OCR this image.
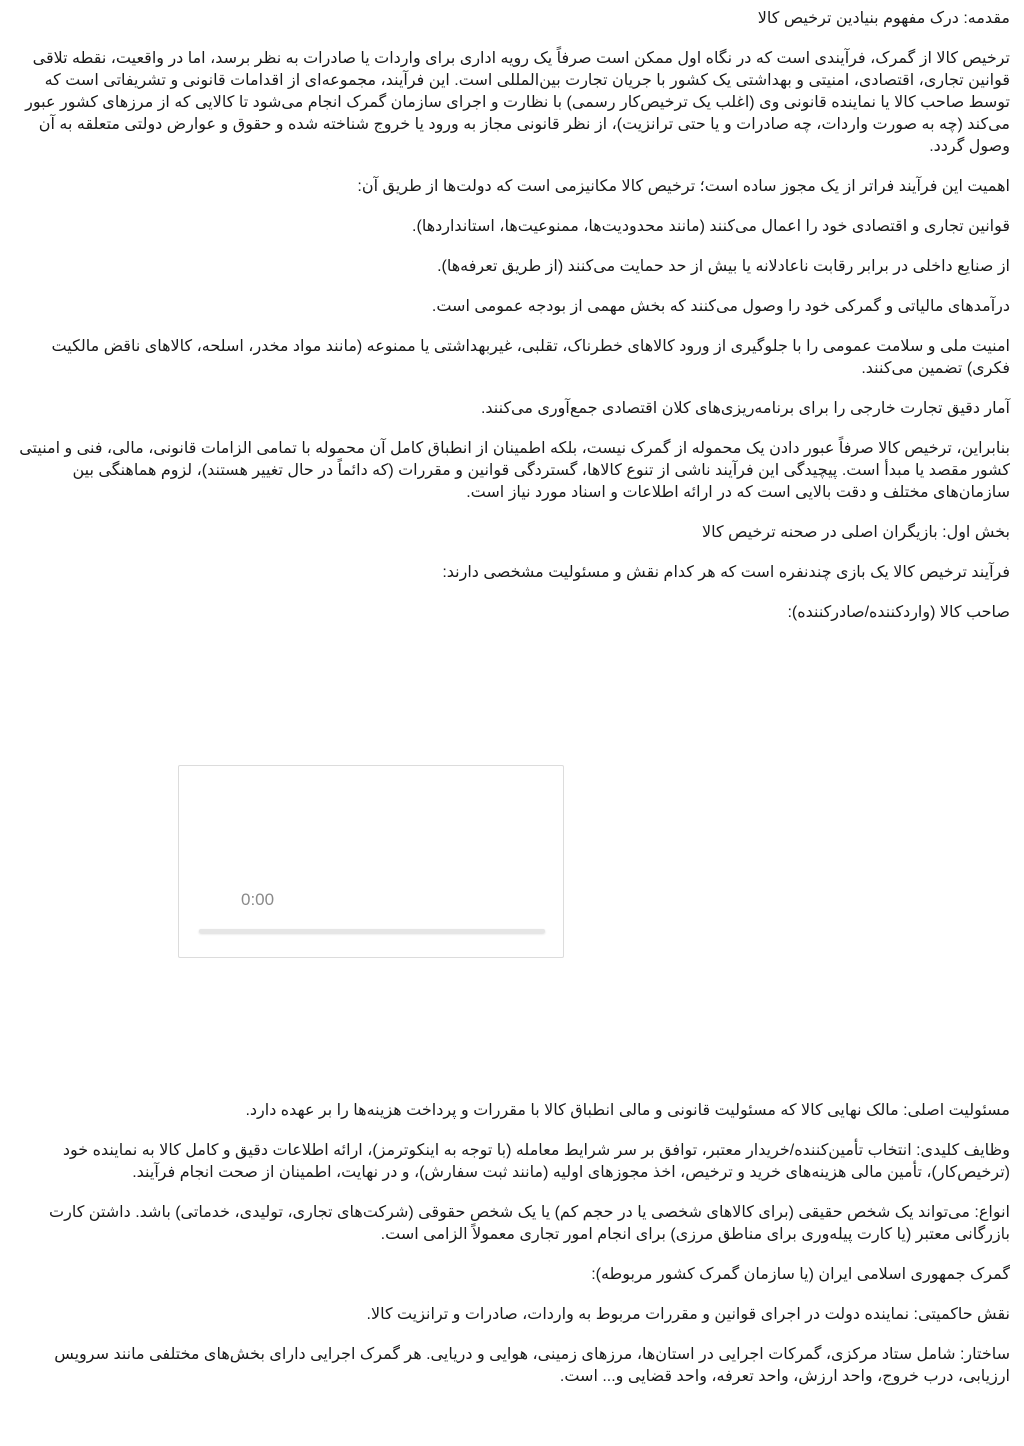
مقدمه: درک مفهوم بنیادین ترخیص کالا

ترخیص کالا از گمرک، فرآیندی است که در نگاه اول ممکن است صرفاً یک رویه اداری برای واردات یا صادرات به نظر برسد، اما در واقعیت، نقطه تلاقی قوانین تجاری، اقتصادی، امنیتی و بهداشتی یک کشور با جریان تجارت بین‌المللی است. این فرآیند، مجموعه‌ای از اقدامات قانونی و تشریفاتی است که توسط صاحب کالا یا نماینده قانونی وی (اغلب یک ترخیص‌کار رسمی) با نظارت و اجرای سازمان گمرک انجام می‌شود تا کالایی که از مرزهای کشور عبور می‌کند (چه به صورت واردات، چه صادرات و یا حتی ترانزیت)، از نظر قانونی مجاز به ورود یا خروج شناخته شده و حقوق و عوارض دولتی متعلقه به آن وصول گردد.

اهمیت این فرآیند فراتر از یک مجوز ساده است؛ ترخیص کالا مکانیزمی است که دولت‌ها از طریق آن:

قوانین تجاری و اقتصادی خود را اعمال می‌کنند (مانند محدودیت‌ها، ممنوعیت‌ها، استانداردها).

از صنایع داخلی در برابر رقابت ناعادلانه یا بیش از حد حمایت می‌کنند (از طریق تعرفه‌ها).

درآمدهای مالیاتی و گمرکی خود را وصول می‌کنند که بخش مهمی از بودجه عمومی است.

امنیت ملی و سلامت عمومی را با جلوگیری از ورود کالاهای خطرناک، تقلبی، غیربهداشتی یا ممنوعه (مانند مواد مخدر، اسلحه، کالاهای ناقض مالکیت فکری) تضمین می‌کنند.

آمار دقیق تجارت خارجی را برای برنامه‌ریزی‌های کلان اقتصادی جمع‌آوری می‌کنند.

بنابراین، ترخیص کالا صرفاً عبور دادن یک محموله از گمرک نیست، بلکه اطمینان از انطباق کامل آن محموله با تمامی الزامات قانونی، مالی، فنی و امنیتی کشور مقصد یا مبدأ است. پیچیدگی این فرآیند ناشی از تنوع کالاها، گستردگی قوانین و مقررات (که دائماً در حال تغییر هستند)، لزوم هماهنگی بین سازمان‌های مختلف و دقت بالایی است که در ارائه اطلاعات و اسناد مورد نیاز است.

بخش اول: بازیگران اصلی در صحنه ترخیص کالا

فرآیند ترخیص کالا یک بازی چندنفره است که هر کدام نقش و مسئولیت مشخصی دارند:

صاحب کالا (واردکننده/صادرکننده):

0:00

مسئولیت اصلی: مالک نهایی کالا که مسئولیت قانونی و مالی انطباق کالا با مقررات و پرداخت هزینه‌ها را بر عهده دارد.

وظایف کلیدی: انتخاب تأمین‌کننده/خریدار معتبر، توافق بر سر شرایط معامله (با توجه به اینکوترمز)، ارائه اطلاعات دقیق و کامل کالا به نماینده خود (ترخیص‌کار)، تأمین مالی هزینه‌های خرید و ترخیص، اخذ مجوزهای اولیه (مانند ثبت سفارش)، و در نهایت، اطمینان از صحت انجام فرآیند.

انواع: می‌تواند یک شخص حقیقی (برای کالاهای شخصی یا در حجم کم) یا یک شخص حقوقی (شرکت‌های تجاری، تولیدی، خدماتی) باشد. داشتن کارت بازرگانی معتبر (یا کارت پیله‌وری برای مناطق مرزی) برای انجام امور تجاری معمولاً الزامی است.

گمرک جمهوری اسلامی ایران (یا سازمان گمرک کشور مربوطه):

نقش حاکمیتی: نماینده دولت در اجرای قوانین و مقررات مربوط به واردات، صادرات و ترانزیت کالا.

ساختار: شامل ستاد مرکزی، گمرکات اجرایی در استان‌ها، مرزهای زمینی، هوایی و دریایی. هر گمرک اجرایی دارای بخش‌های مختلفی مانند سرویس ارزیابی، درب خروج، واحد ارزش، واحد تعرفه، واحد قضایی و... است.
